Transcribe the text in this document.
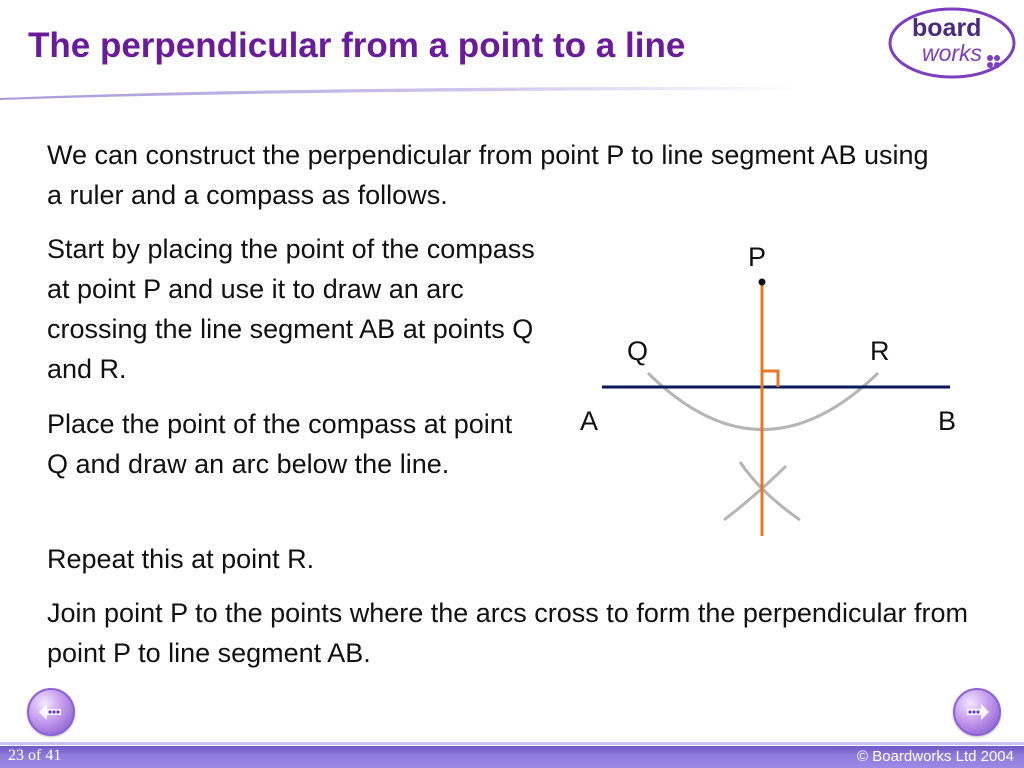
The perpendicular from a point to a line	board
works

We can construct the perpendicular from point P to line segment AB using a ruler and a compass as follows.

Start by placing the point of the compass at point P and use it to draw an arc crossing the line segment AB at points Q and R.

Place the point of the compass at point Q and draw an arc below the line.

Repeat this at point R.

Join point P to the points where the arcs cross to form the perpendicular from point P to line segment AB.

P
Q	R
A	B
23 of 41	© Boardworks Ltd 2004
